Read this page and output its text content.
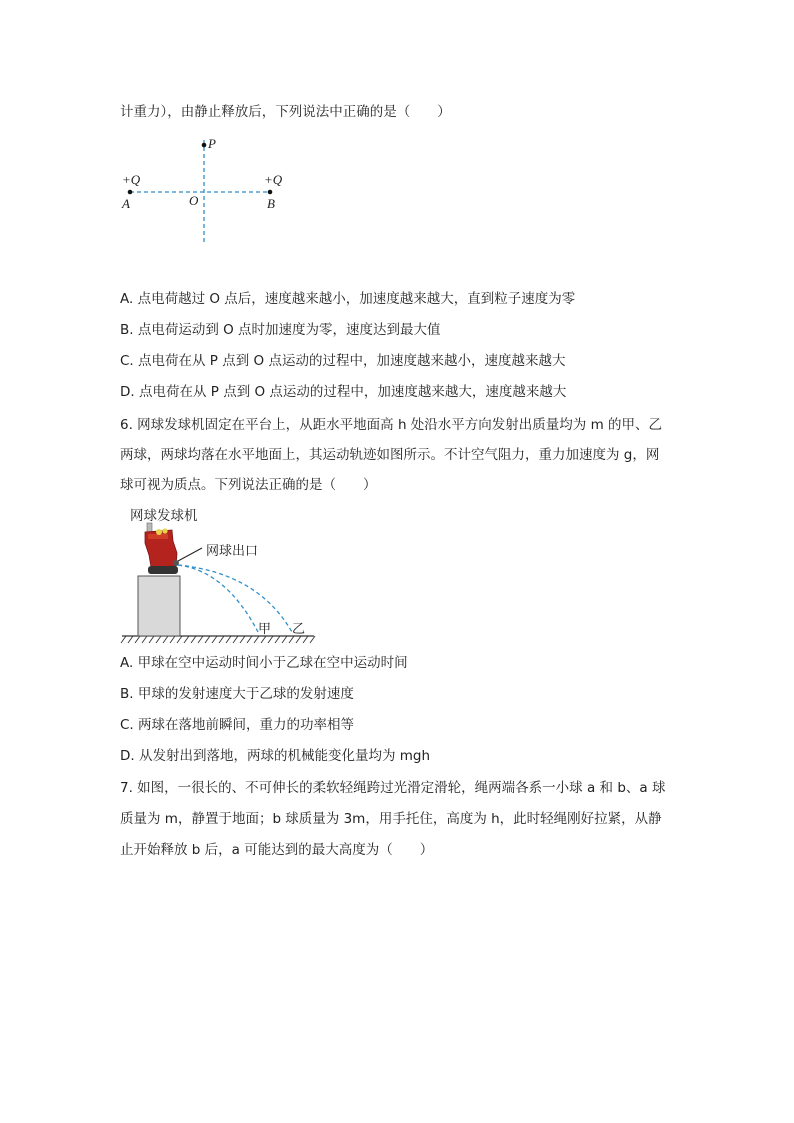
计重力），由静止释放后，下列说法中正确的是（　　）
P
+Q
A	O
+Q
B
A. 点电荷越过 O 点后，速度越来越小，加速度越来越大，直到粒子速度为零
B. 点电荷运动到 O 点时加速度为零，速度达到最大值
C. 点电荷在从 P 点到 O 点运动的过程中，加速度越来越小，速度越来越大
D. 点电荷在从 P 点到 O 点运动的过程中，加速度越来越大，速度越来越大
6. 网球发球机固定在平台上，从距水平地面高 h 处沿水平方向发射出质量均为 m 的甲、乙
两球，两球均落在水平地面上，其运动轨迹如图所示。不计空气阻力，重力加速度为 g，网
球可视为质点。下列说法正确的是（　　）
网球发球机
网球出口
甲 乙
A. 甲球在空中运动时间小于乙球在空中运动时间
B. 甲球的发射速度大于乙球的发射速度
C. 两球在落地前瞬间，重力的功率相等
D. 从发射出到落地，两球的机械能变化量均为 mgh
7. 如图，一很长的、不可伸长的柔软轻绳跨过光滑定滑轮，绳两端各系一小球 a 和 b、a 球
质量为 m，静置于地面；b 球质量为 3m，用手托住，高度为 h，此时轻绳刚好拉紧，从静
止开始释放 b 后，a 可能达到的最大高度为（　　）
